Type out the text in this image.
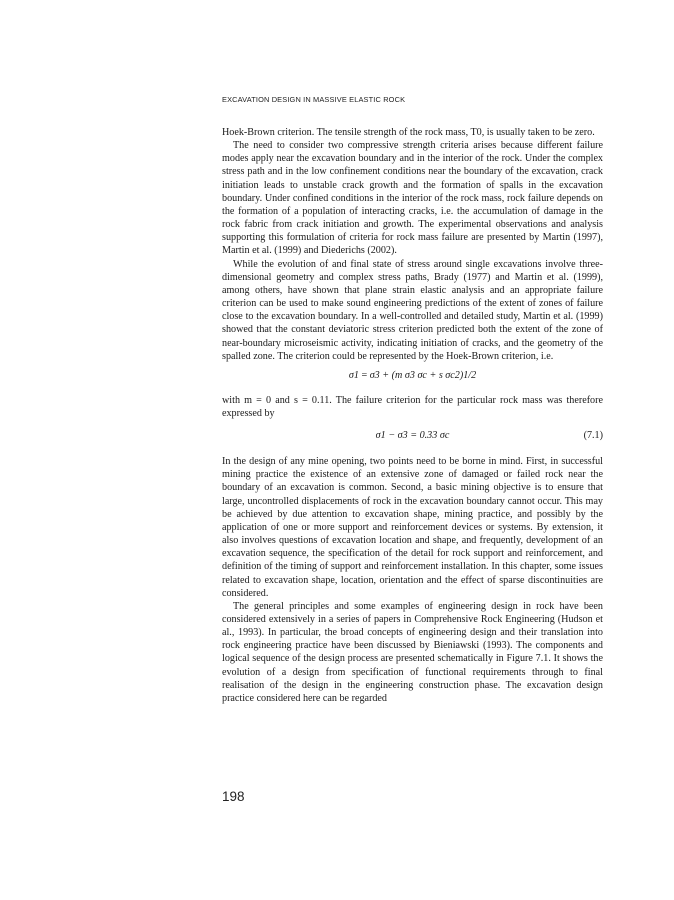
EXCAVATION DESIGN IN MASSIVE ELASTIC ROCK

Hoek-Brown criterion. The tensile strength of the rock mass, T0, is usually taken to be zero.

The need to consider two compressive strength criteria arises because different failure modes apply near the excavation boundary and in the interior of the rock. Under the complex stress path and in the low confinement conditions near the boundary of the excavation, crack initiation leads to unstable crack growth and the formation of spalls in the excavation boundary. Under confined conditions in the interior of the rock mass, rock failure depends on the formation of a population of interacting cracks, i.e. the accumulation of damage in the rock fabric from crack initiation and growth. The experimental observations and analysis supporting this formulation of criteria for rock mass failure are presented by Martin (1997), Martin et al. (1999) and Diederichs (2002).

While the evolution of and final state of stress around single excavations involve three-dimensional geometry and complex stress paths, Brady (1977) and Martin et al. (1999), among others, have shown that plane strain elastic analysis and an appropriate failure criterion can be used to make sound engineering predictions of the extent of zones of failure close to the excavation boundary. In a well-controlled and detailed study, Martin et al. (1999) showed that the constant deviatoric stress criterion predicted both the extent of the zone of near-boundary microseismic activity, indicating initiation of cracks, and the geometry of the spalled zone. The criterion could be represented by the Hoek-Brown criterion, i.e.

σ1 = σ3 + (m σ3 σc + s σc2)1/2

with m = 0 and s = 0.11. The failure criterion for the particular rock mass was therefore expressed by

σ1 − σ3 = 0.33 σc	(7.1)

In the design of any mine opening, two points need to be borne in mind. First, in successful mining practice the existence of an extensive zone of damaged or failed rock near the boundary of an excavation is common. Second, a basic mining objective is to ensure that large, uncontrolled displacements of rock in the excavation boundary cannot occur. This may be achieved by due attention to excavation shape, mining practice, and possibly by the application of one or more support and reinforcement devices or systems. By extension, it also involves questions of excavation location and shape, and frequently, development of an excavation sequence, the specification of the detail for rock support and reinforcement, and definition of the timing of support and reinforcement installation. In this chapter, some issues related to excavation shape, location, orientation and the effect of sparse discontinuities are considered.

The general principles and some examples of engineering design in rock have been considered extensively in a series of papers in Comprehensive Rock Engineering (Hudson et al., 1993). In particular, the broad concepts of engineering design and their translation into rock engineering practice have been discussed by Bieniawski (1993). The components and logical sequence of the design process are presented schematically in Figure 7.1. It shows the evolution of a design from specification of functional requirements through to final realisation of the design in the engineering construction phase. The excavation design practice considered here can be regarded

198
